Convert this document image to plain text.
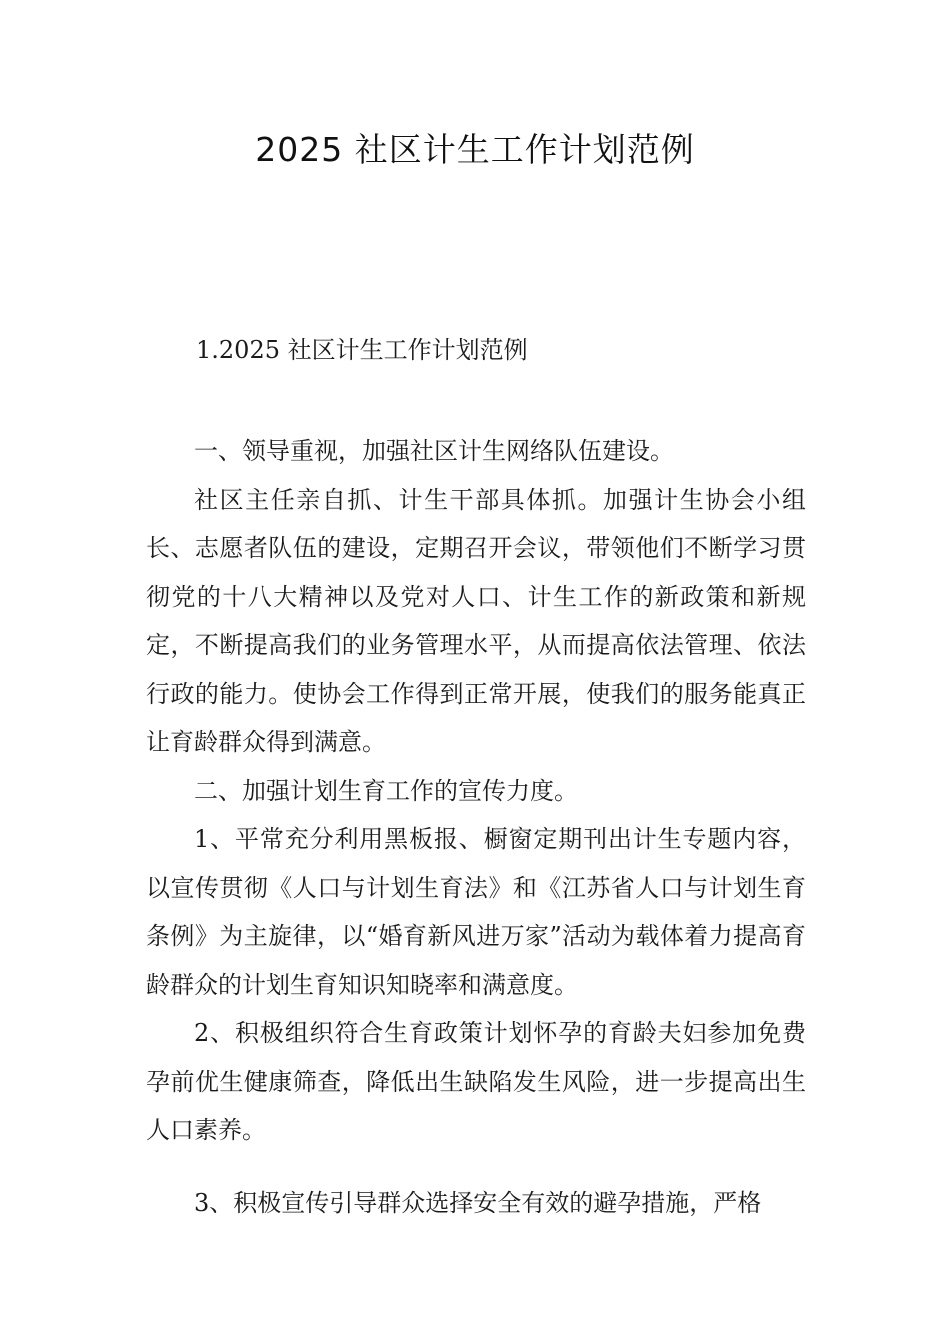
2025 社区计生工作计划范例

1.2025 社区计生工作计划范例

一、领导重视，加强社区计生网络队伍建设。

社区主任亲自抓、计生干部具体抓。加强计生协会小组长、志愿者队伍的建设，定期召开会议，带领他们不断学习贯彻党的十八大精神以及党对人口、计生工作的新政策和新规定，不断提高我们的业务管理水平，从而提高依法管理、依法行政的能力。使协会工作得到正常开展，使我们的服务能真正让育龄群众得到满意。

二、加强计划生育工作的宣传力度。

1、平常充分利用黑板报、橱窗定期刊出计生专题内容，以宣传贯彻《人口与计划生育法》和《江苏省人口与计划生育条例》为主旋律，以“婚育新风进万家”活动为载体着力提高育龄群众的计划生育知识知晓率和满意度。

2、积极组织符合生育政策计划怀孕的育龄夫妇参加免费孕前优生健康筛查，降低出生缺陷发生风险，进一步提高出生人口素养。

3、积极宣传引导群众选择安全有效的避孕措施，严格
